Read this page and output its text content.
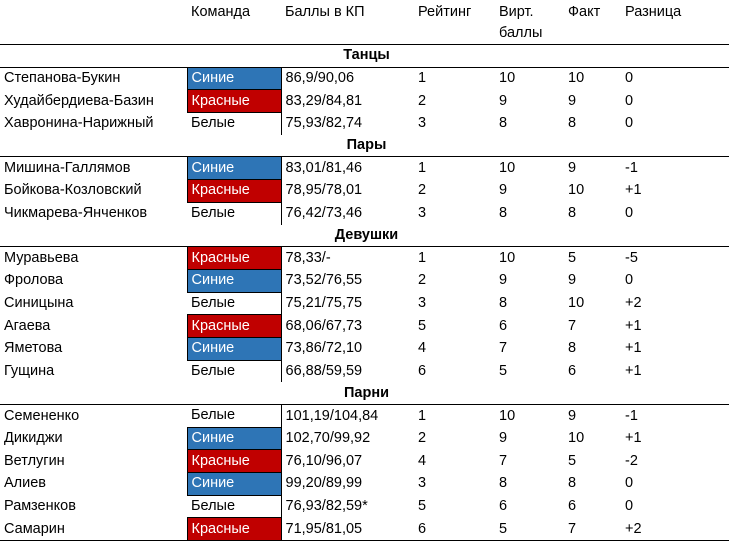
	Команда	Баллы в КП	Рейтинг	Вирт. баллы	Факт	Разница
Танцы						
Степанова-Букин	Синие	86,9/90,06	1	10	10	0
Худайбердиева-Базин	Красные	83,29/84,81	2	9	9	0
Хавронина-Нарижный	Белые	75,93/82,74	3	8	8	0
Пары						
Мишина-Галлямов	Синие	83,01/81,46	1	10	9	-1
Бойкова-Козловский	Красные	78,95/78,01	2	9	10	+1
Чикмарева-Янченков	Белые	76,42/73,46	3	8	8	0
Девушки						
Муравьева	Красные	78,33/-	1	10	5	-5
Фролова	Синие	73,52/76,55	2	9	9	0
Синицына	Белые	75,21/75,75	3	8	10	+2
Агаева	Красные	68,06/67,73	5	6	7	+1
Яметова	Синие	73,86/72,10	4	7	8	+1
Гущина	Белые	66,88/59,59	6	5	6	+1
Парни						
Семененко	Белые	101,19/104,84	1	10	9	-1
Дикиджи	Синие	102,70/99,92	2	9	10	+1
Ветлугин	Красные	76,10/96,07	4	7	5	-2
Алиев	Синие	99,20/89,99	3	8	8	0
Рамзенков	Белые	76,93/82,59*	5	6	6	0
Самарин	Красные	71,95/81,05	6	5	7	+2
